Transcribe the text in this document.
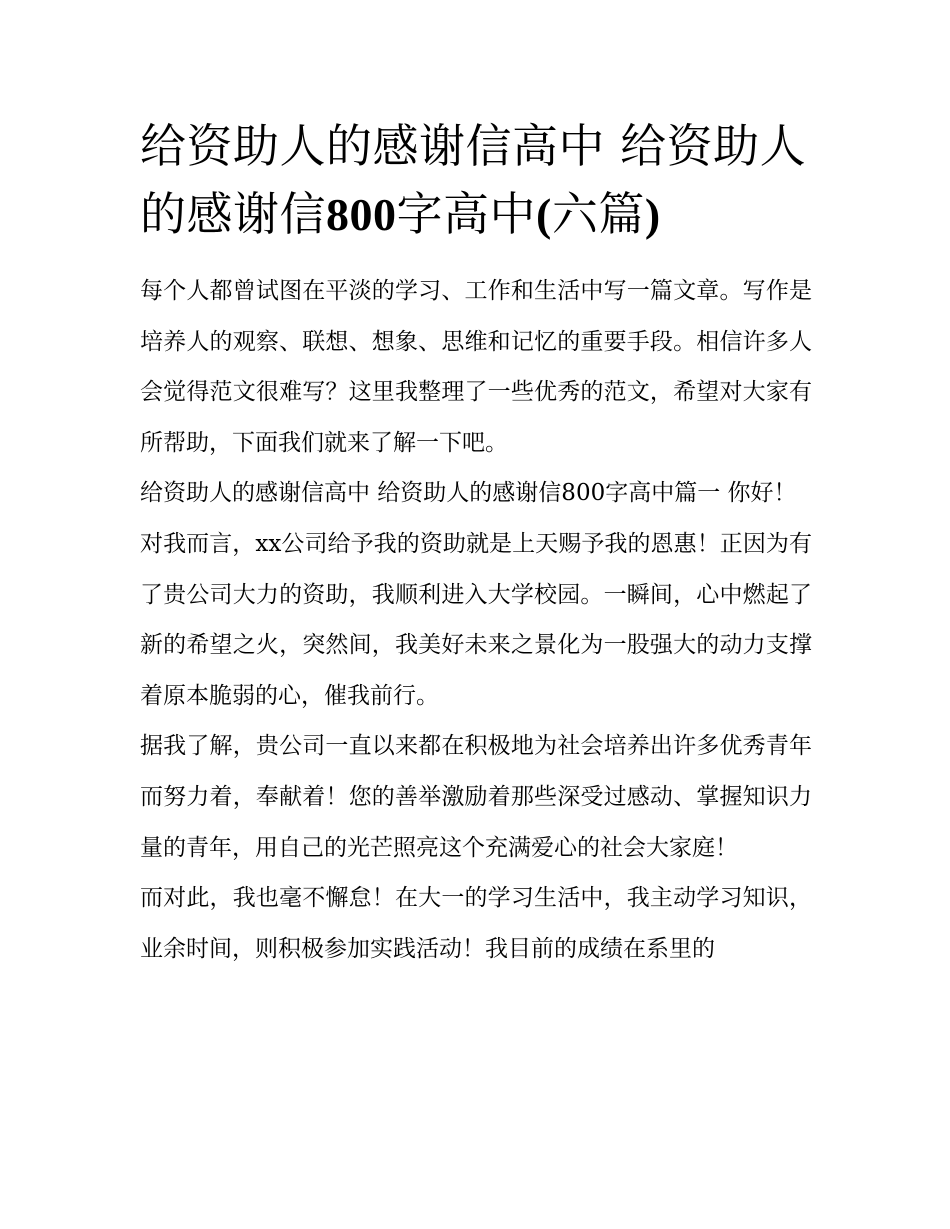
给资助人的感谢信高中 给资助人的感谢信800字高中(六篇)

每个人都曾试图在平淡的学习、工作和生活中写一篇文章。写作是培养人的观察、联想、想象、思维和记忆的重要手段。相信许多人会觉得范文很难写？这里我整理了一些优秀的范文，希望对大家有所帮助，下面我们就来了解一下吧。

给资助人的感谢信高中 给资助人的感谢信800字高中篇一 你好！

对我而言，xx公司给予我的资助就是上天赐予我的恩惠！正因为有了贵公司大力的资助，我顺利进入大学校园。一瞬间，心中燃起了新的希望之火，突然间，我美好未来之景化为一股强大的动力支撑着原本脆弱的心，催我前行。

据我了解，贵公司一直以来都在积极地为社会培养出许多优秀青年而努力着，奉献着！您的善举激励着那些深受过感动、掌握知识力量的青年，用自己的光芒照亮这个充满爱心的社会大家庭！

而对此，我也毫不懈怠！在大一的学习生活中，我主动学习知识，业余时间，则积极参加实践活动！我目前的成绩在系里的
